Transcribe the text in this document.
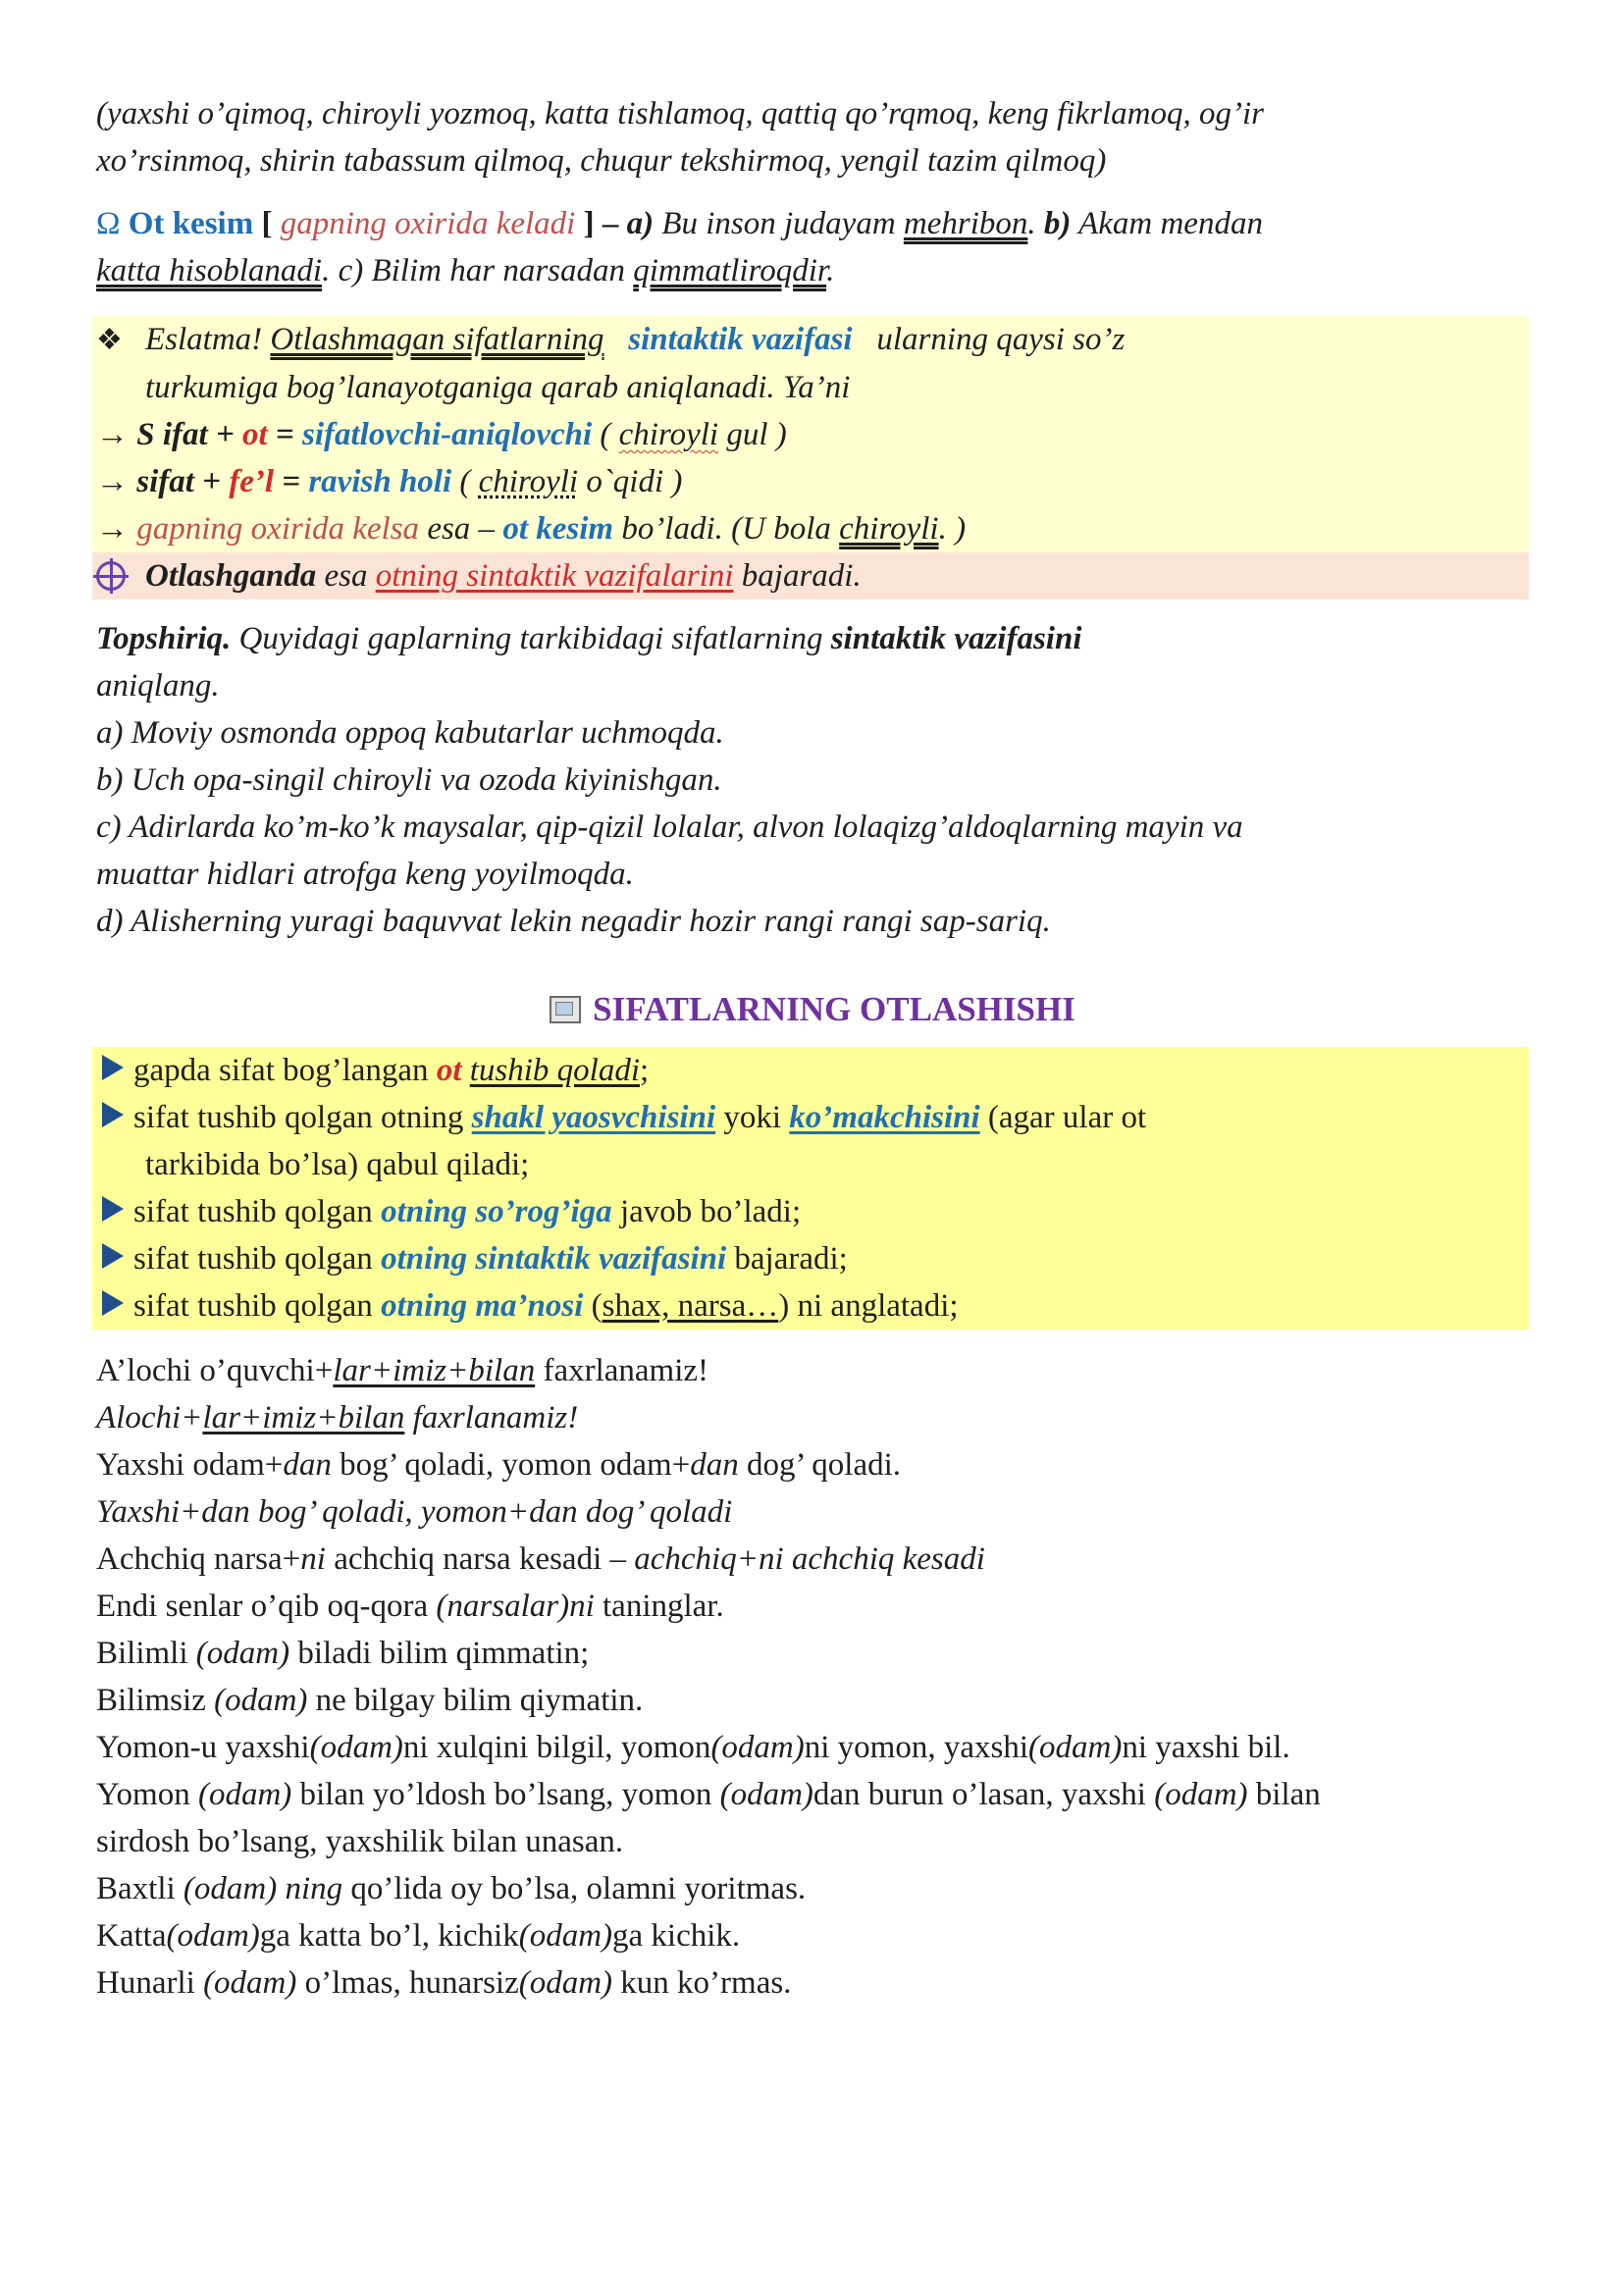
(yaxshi o’qimoq, chiroyli yozmoq, katta tishlamoq, qattiq qo’rqmoq, keng fikrlamoq, og’ir

xo’rsinmoq, shirin tabassum qilmoq, chuqur tekshirmoq, yengil tazim qilmoq)

Ω Ot kesim [ gapning oxirida keladi ] – a) Bu inson judayam mehribon. b) Akam mendan
katta hisoblanadi. c) Bilim har narsadan qimmatliroqdir.

❖ Eslatma! Otlashmagan sifatlarning sintaktik vazifasi ularning qaysi so’z
turkumiga bog’lanayotganiga qarab aniqlanadi. Ya’ni
→ S ifat + ot = sifatlovchi-aniqlovchi ( chiroyli gul )
→ sifat + fe’l = ravish holi ( chiroyli o`qidi )
→ gapning oxirida kelsa esa – ot kesim bo’ladi. (U bola chiroyli. )
Otlashganda esa otning sintaktik vazifalarini bajaradi.

Topshiriq. Quyidagi gaplarning tarkibidagi sifatlarning sintaktik vazifasini
aniqlang.

a) Moviy osmonda oppoq kabutarlar uchmoqda.

b) Uch opa-singil chiroyli va ozoda kiyinishgan.

c) Adirlarda ko’m-ko’k maysalar, qip-qizil lolalar, alvon lolaqizg’aldoqlarning mayin va

muattar hidlari atrofga keng yoyilmoqda.

d) Alisherning yuragi baquvvat lekin negadir hozir rangi rangi sap-sariq.

SIFATLARNING OTLASHISHI
gapda sifat bog’langan ot tushib qoladi;
sifat tushib qolgan otning shakl yaosvchisini yoki ko’makchisini (agar ular ot
tarkibida bo’lsa) qabul qiladi;
sifat tushib qolgan otning so’rog’iga javob bo’ladi;
sifat tushib qolgan otning sintaktik vazifasini bajaradi;
sifat tushib qolgan otning ma’nosi (shax, narsa…) ni anglatadi;

A’lochi o’quvchi+lar+imiz+bilan faxrlanamiz!

Alochi+lar+imiz+bilan faxrlanamiz!

Yaxshi odam+dan bog’ qoladi, yomon odam+dan dog’ qoladi.

Yaxshi+dan bog’ qoladi, yomon+dan dog’ qoladi

Achchiq narsa+ni achchiq narsa kesadi – achchiq+ni achchiq kesadi

Endi senlar o’qib oq-qora (narsalar)ni taninglar.

Bilimli (odam) biladi bilim qimmatin;

Bilimsiz (odam) ne bilgay bilim qiymatin.

Yomon-u yaxshi(odam)ni xulqini bilgil, yomon(odam)ni yomon, yaxshi(odam)ni yaxshi bil.

Yomon (odam) bilan yo’ldosh bo’lsang, yomon (odam)dan burun o’lasan, yaxshi (odam) bilan

sirdosh bo’lsang, yaxshilik bilan unasan.

Baxtli (odam) ning qo’lida oy bo’lsa, olamni yoritmas.

Katta(odam)ga katta bo’l, kichik(odam)ga kichik.

Hunarli (odam) o’lmas, hunarsiz(odam) kun ko’rmas.
